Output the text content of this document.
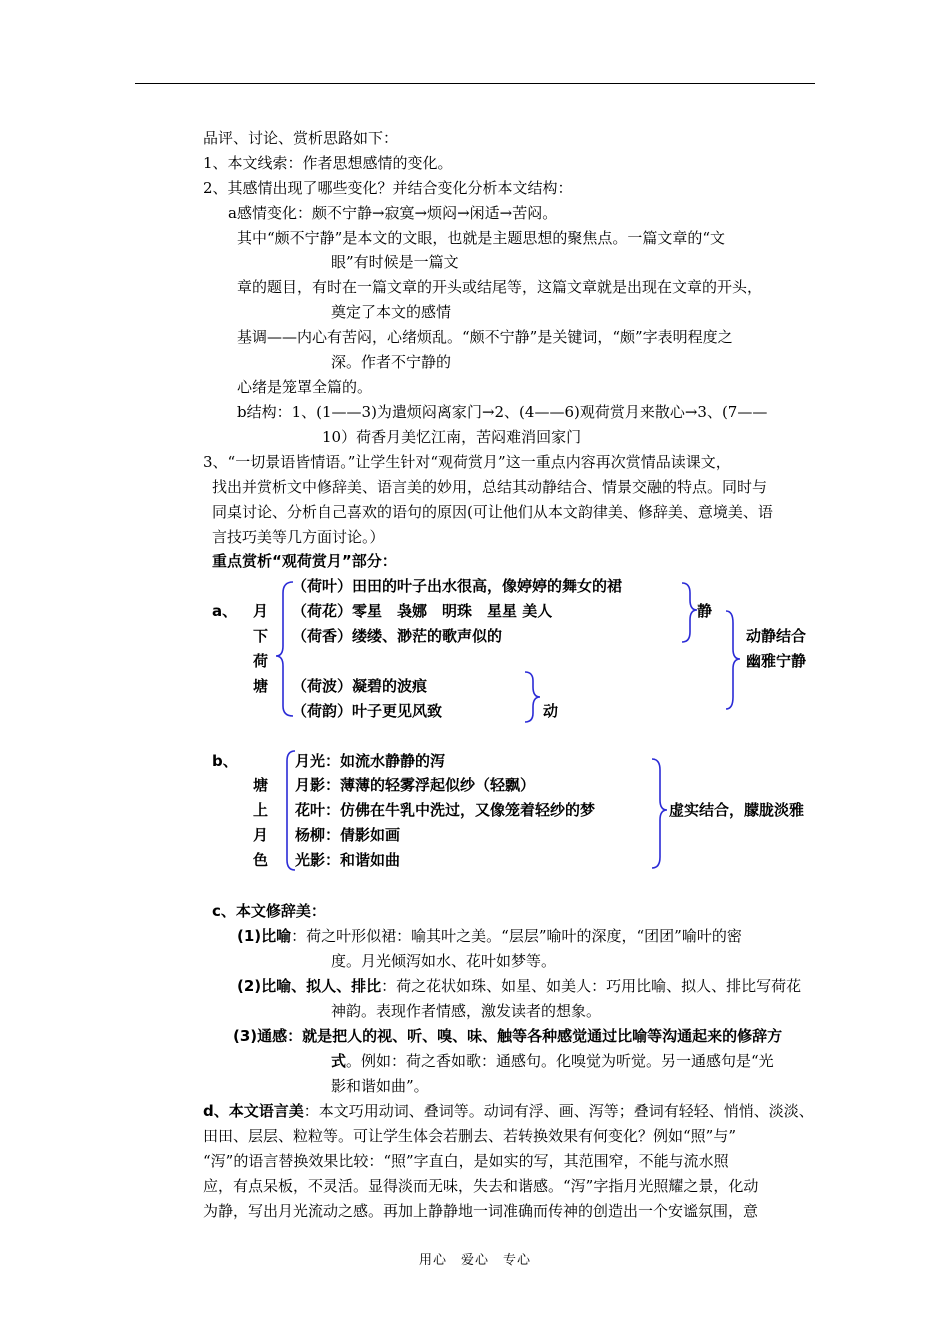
品评、讨论、赏析思路如下：
1、本文线索：作者思想感情的变化。
2、其感情出现了哪些变化？并结合变化分析本文结构：
a感情变化：颇不宁静→寂寞→烦闷→闲适→苦闷。
其中“颇不宁静”是本文的文眼，也就是主题思想的聚焦点。一篇文章的“文
眼”有时候是一篇文
章的题目，有时在一篇文章的开头或结尾等，这篇文章就是出现在文章的开头，
奠定了本文的感情
基调——内心有苦闷，心绪烦乱。“颇不宁静”是关键词，“颇”字表明程度之
深。作者不宁静的
心绪是笼罩全篇的。
b结构：1、(1——3)为遣烦闷离家门→2、(4——6)观荷赏月来散心→3、(7——
10）荷香月美忆江南，苦闷难消回家门
3、“一切景语皆情语。”让学生针对“观荷赏月”这一重点内容再次赏情品读课文，
找出并赏析文中修辞美、语言美的妙用，总结其动静结合、情景交融的特点。同时与
同桌讨论、分析自己喜欢的语句的原因(可让他们从本文韵律美、修辞美、意境美、语
言技巧美等几方面讨论。）
重点赏析“观荷赏月”部分：
a、 月
下
荷
塘
（荷叶）田田的叶子出水很高，像婷婷的舞女的裙
（荷花）零星　袅娜　明珠　星星 美人
（荷香）缕缕、渺茫的歌声似的
（荷波）凝碧的波痕
（荷韵）叶子更见风致
静
动
动静结合
幽雅宁静
b、
塘
上
月
色
月光：如流水静静的泻
月影：薄薄的轻雾浮起似纱（轻飘）
花叶：仿佛在牛乳中洗过，又像笼着轻纱的梦
杨柳：倩影如画
光影：和谐如曲
虚实结合，朦胧淡雅
c、本文修辞美：
(1)比喻：荷之叶形似裙：喻其叶之美。“层层”喻叶的深度，“团团”喻叶的密
度。月光倾泻如水、花叶如梦等。
(2)比喻、拟人、排比：荷之花状如珠、如星、如美人：巧用比喻、拟人、排比写荷花
神韵。表现作者情感，激发读者的想象。
(3)通感：就是把人的视、听、嗅、味、触等各种感觉通过比喻等沟通起来的修辞方
式。例如：荷之香如歌：通感句。化嗅觉为听觉。另一通感句是“光
影和谐如曲”。
d、本文语言美：本文巧用动词、叠词等。动词有浮、画、泻等；叠词有轻轻、悄悄、淡淡、
田田、层层、粒粒等。可让学生体会若删去、若转换效果有何变化？例如“照”与”
“泻”的语言替换效果比较：“照”字直白，是如实的写，其范围窄，不能与流水照
应，有点呆板，不灵活。显得淡而无味，失去和谐感。“泻”字指月光照耀之景，化动
为静，写出月光流动之感。再加上静静地一词准确而传神的创造出一个安谧氛围，意
用心　爱心　专心
